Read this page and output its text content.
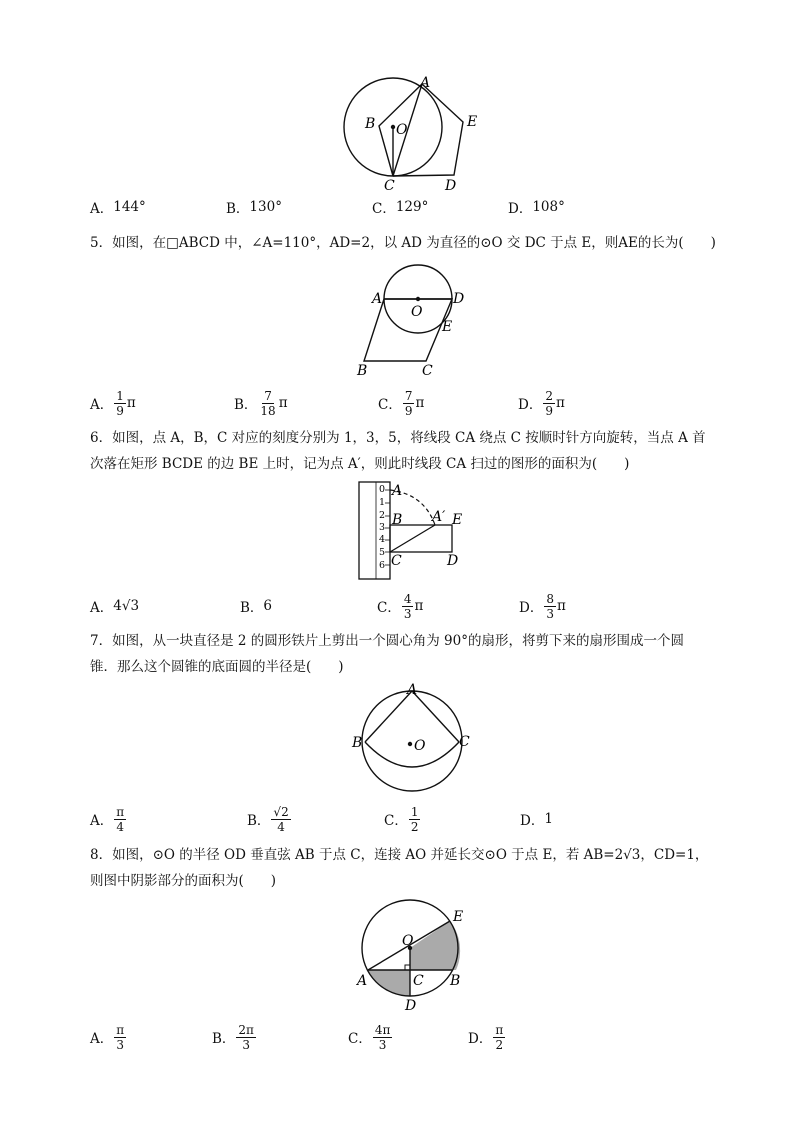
A
B O	E
C	D
A． 144°	B． 130°	C． 129°	D． 108°
5．如图，在□ABCD 中，∠A=110°，AD=2，以 AD 为直径的⊙O 交 DC 于点 E，则AE的长为(　　)
A	D
O
E
B	C
A． $\frac{1}{9}$ π	B． $\frac{7}{18}$ π	C． $\frac{7}{9}$ π	D． $\frac{2}{9}$ π
6．如图，点 A，B，C 对应的刻度分别为 1，3，5，将线段 CA 绕点 C 按顺时针方向旋转，当点 A 首
次落在矩形 BCDE 的边 BE 上时，记为点 A′，则此时线段 CA 扫过的图形的面积为(　　)
0
1
2
3
4
5
6
A
B A′ E
C	D
A． 4√3	B． 6	C． $\frac{4}{3}$ π	D． $\frac{8}{3}$ π
7．如图，从一块直径是 2 的圆形铁片上剪出一个圆心角为 90°的扇形，将剪下来的扇形围成一个圆
锥．那么这个圆锥的底面圆的半径是(　　)
A
B	O C
A． $\frac{\pi}{4}$	B． $\frac{√2}{4}$	C． $\frac{1}{2}$	D． 1
8．如图，⊙O 的半径 OD 垂直弦 AB 于点 C，连接 AO 并延长交⊙O 于点 E，若 AB=2√3，CD=1，
则图中阴影部分的面积为(　　)
E
O
A	C B
D
A． $\frac{\pi}{3}$	B． $\frac{2\pi}{3}$	C． $\frac{4\pi}{3}$	D． $\frac{\pi}{2}$
